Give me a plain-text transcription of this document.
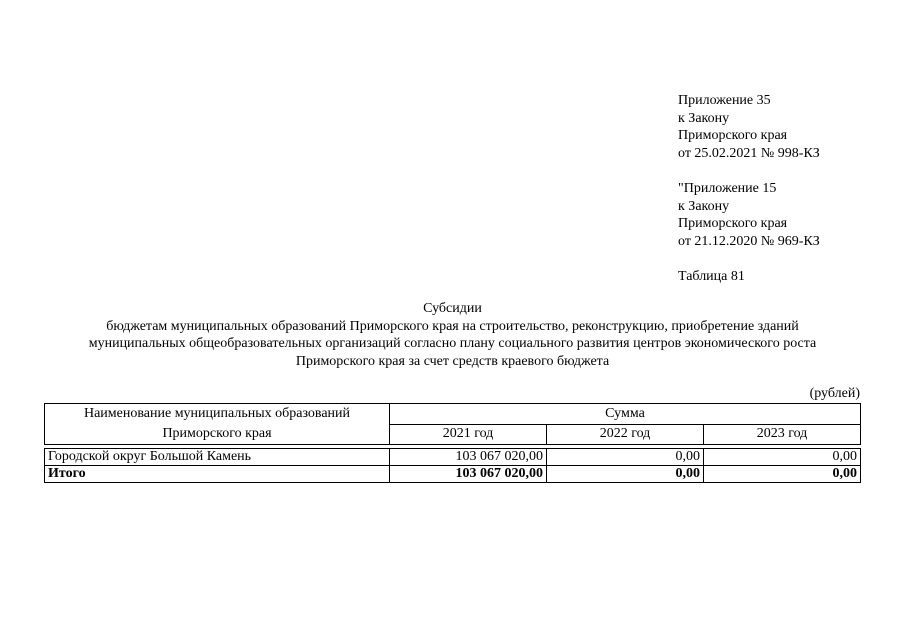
Приложение 35
к Закону
Приморского края
от 25.02.2021 № 998-КЗ
"Приложение 15
к Закону
Приморского края
от 21.12.2020 № 969-КЗ
Таблица 81
Субсидии
бюджетам муниципальных образований Приморского края на строительство, реконструкцию, приобретение зданий
муниципальных общеобразовательных организаций согласно плану социального развития центров экономического роста
Приморского края за счет средств краевого бюджета
(рублей)
Наименование муниципальных образований Приморского края	Сумма		
	2021 год	2022 год	2023 год

Городской округ Большой Камень	103 067 020,00	0,00	0,00
Итого	103 067 020,00	0,00	0,00
